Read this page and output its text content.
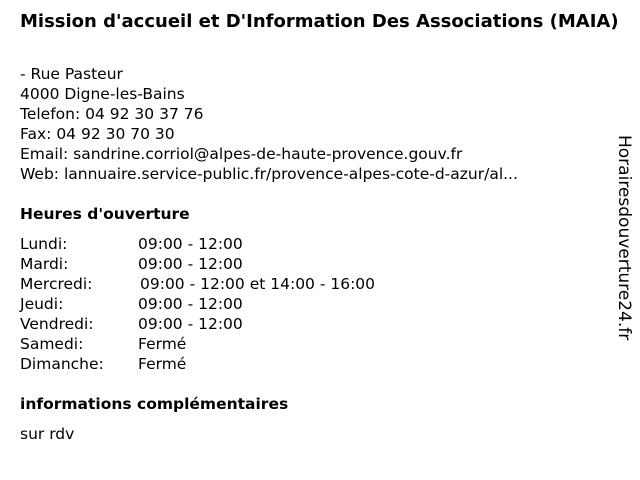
Mission d'accueil et D'Information Des Associations (MAIA)
- Rue Pasteur
4000 Digne-les-Bains
Telefon: 04 92 30 37 76
Fax: 04 92 30 70 30
Email: sandrine.corriol@alpes-de-haute-provence.gouv.fr
Web: lannuaire.service-public.fr/provence-alpes-cote-d-azur/al...
Heures d'ouverture
Lundi:	09:00 - 12:00
Mardi:	09:00 - 12:00
Mercredi:	09:00 - 12:00 et 14:00 - 16:00
Jeudi:	09:00 - 12:00
Vendredi:	09:00 - 12:00
Samedi:	Fermé
Dimanche: Fermé
informations complémentaires
sur rdv
Horairesdouverture24.fr
